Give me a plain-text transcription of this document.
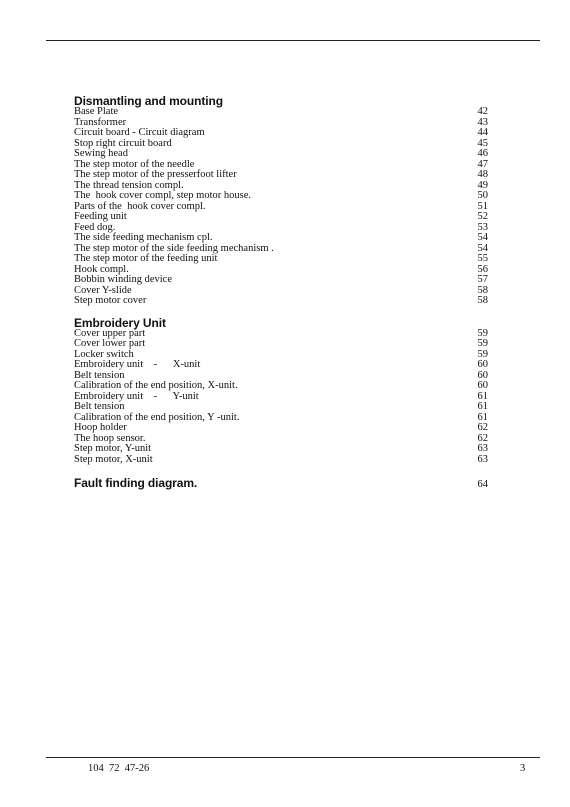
Dismantling and mounting
Base Plate	42
Transformer	43
Circuit board - Circuit diagram	44
Stop right circuit board	45
Sewing head	46
The step motor of the needle	47
The step motor of the presserfoot lifter	48
The thread tension compl.	49
The  hook cover compl, step motor house.	50
Parts of the  hook cover compl.	51
Feeding unit	52
Feed dog.	53
The side feeding mechanism cpl.	54
The step motor of the side feeding mechanism .	54
The step motor of the feeding unit	55
Hook compl.	56
Bobbin winding device	57
Cover Y-slide	58
Step motor cover	58
Embroidery Unit
Cover upper part	59
Cover lower part	59
Locker switch	59
Embroidery unit    -      X-unit	60
Belt tension	60
Calibration of the end position, X-unit.	60
Embroidery unit    -      Y-unit	61
Belt tension	61
Calibration of the end position, Y -unit.	61
Hoop holder	62
The hoop sensor.	62
Step motor, Y-unit	63
Step motor, X-unit	63
Fault finding diagram.	64
104  72  47-26	3
